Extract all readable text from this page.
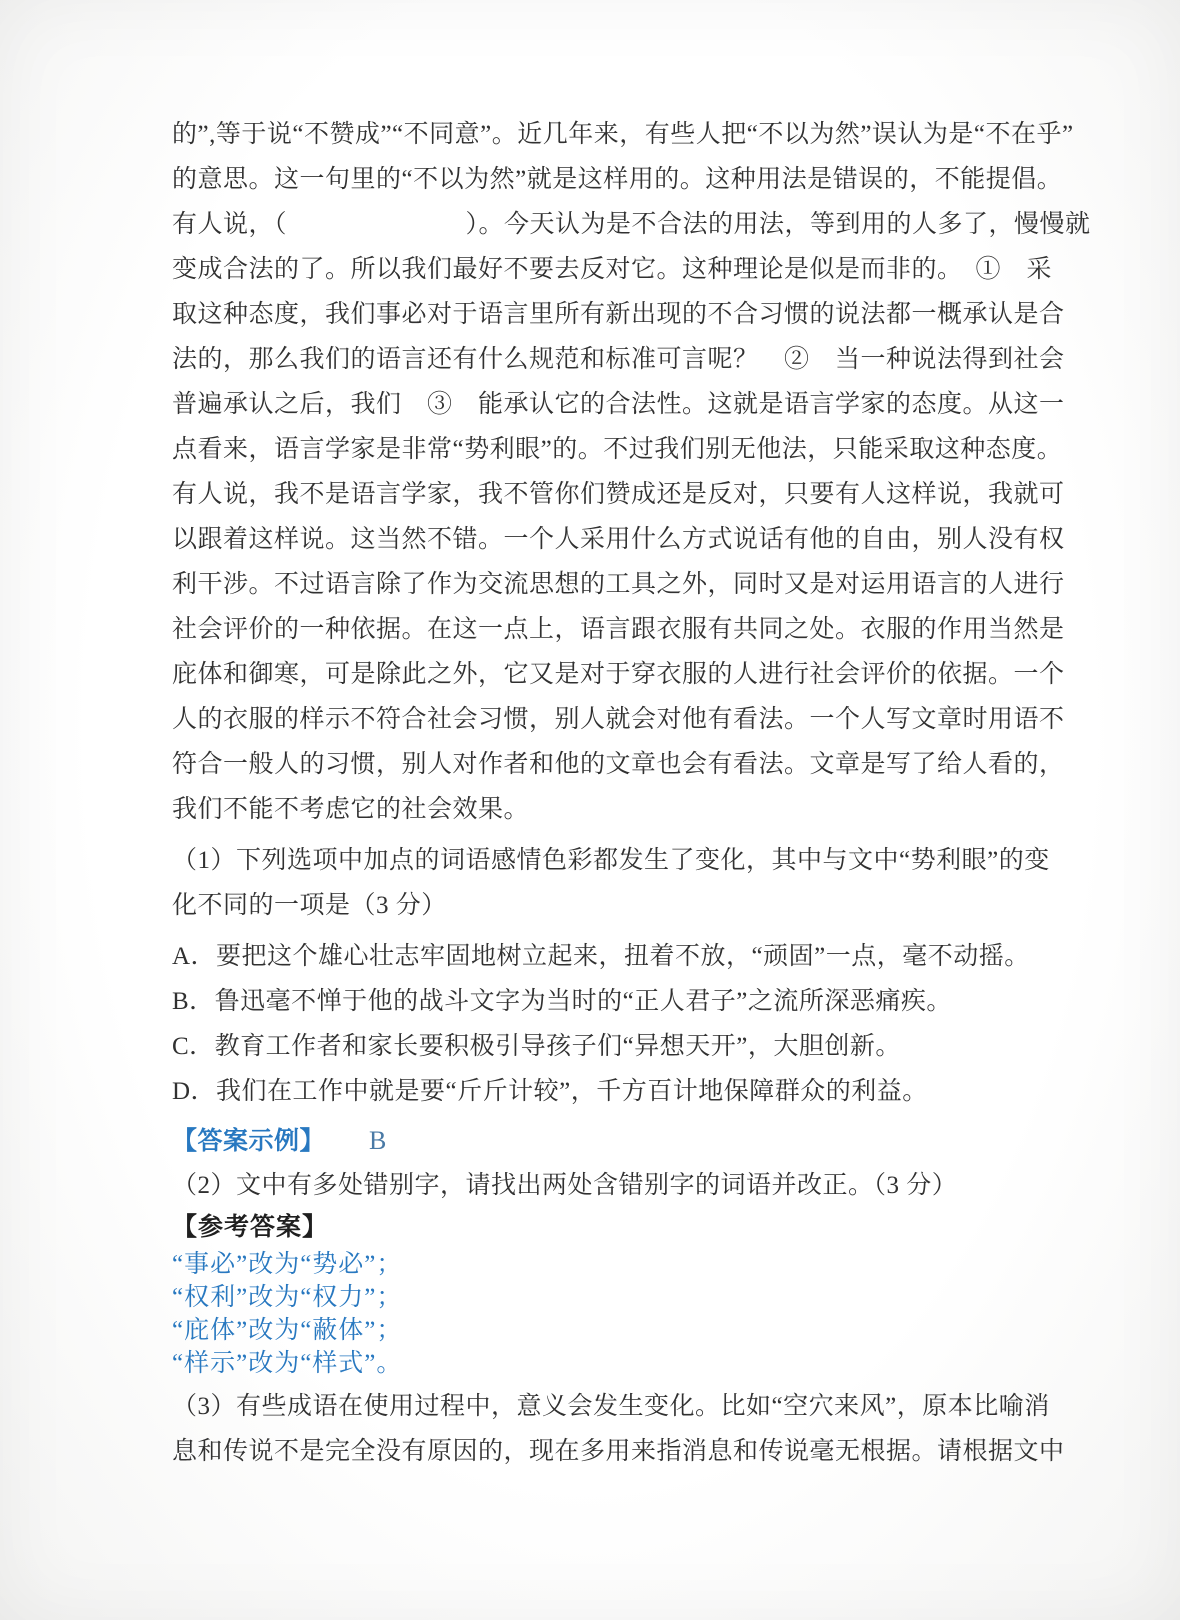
的”,等于说“不赞成”“不同意”。近几年来，有些人把“不以为然”误认为是“不在乎”

的意思。这一句里的“不以为然”就是这样用的。这种用法是错误的，不能提倡。

有人说，（　　　　　　　）。今天认为是不合法的用法，等到用的人多了，慢慢就

变成合法的了。所以我们最好不要去反对它。这种理论是似是而非的。　①　采

取这种态度，我们事必对于语言里所有新出现的不合习惯的说法都一概承认是合

法的，那么我们的语言还有什么规范和标准可言呢？　②　当一种说法得到社会

普遍承认之后，我们　③　能承认它的合法性。这就是语言学家的态度。从这一

点看来，语言学家是非常“势利眼”的。不过我们别无他法，只能采取这种态度。

有人说，我不是语言学家，我不管你们赞成还是反对，只要有人这样说，我就可

以跟着这样说。这当然不错。一个人采用什么方式说话有他的自由，别人没有权

利干涉。不过语言除了作为交流思想的工具之外，同时又是对运用语言的人进行

社会评价的一种依据。在这一点上，语言跟衣服有共同之处。衣服的作用当然是

庇体和御寒，可是除此之外，它又是对于穿衣服的人进行社会评价的依据。一个

人的衣服的样示不符合社会习惯，别人就会对他有看法。一个人写文章时用语不

符合一般人的习惯，别人对作者和他的文章也会有看法。文章是写了给人看的，

我们不能不考虑它的社会效果。

（1）下列选项中加点的词语感情色彩都发生了变化，其中与文中“势利眼”的变

化不同的一项是（3 分）

A．要把这个雄心壮志牢固地树立起来，扭着不放，“顽固”一点，毫不动摇。

B．鲁迅毫不惮于他的战斗文字为当时的“正人君子”之流所深恶痛疾。

C．教育工作者和家长要积极引导孩子们“异想天开”，大胆创新。

D．我们在工作中就是要“斤斤计较”，千方百计地保障群众的利益。

【答案示例】 B

（2）文中有多处错别字，请找出两处含错别字的词语并改正。（3 分）

【参考答案】

“事必”改为“势必”；

“权利”改为“权力”；

“庇体”改为“蔽体”；

“样示”改为“样式”。

（3）有些成语在使用过程中，意义会发生变化。比如“空穴来风”，原本比喻消

息和传说不是完全没有原因的，现在多用来指消息和传说毫无根据。请根据文中
